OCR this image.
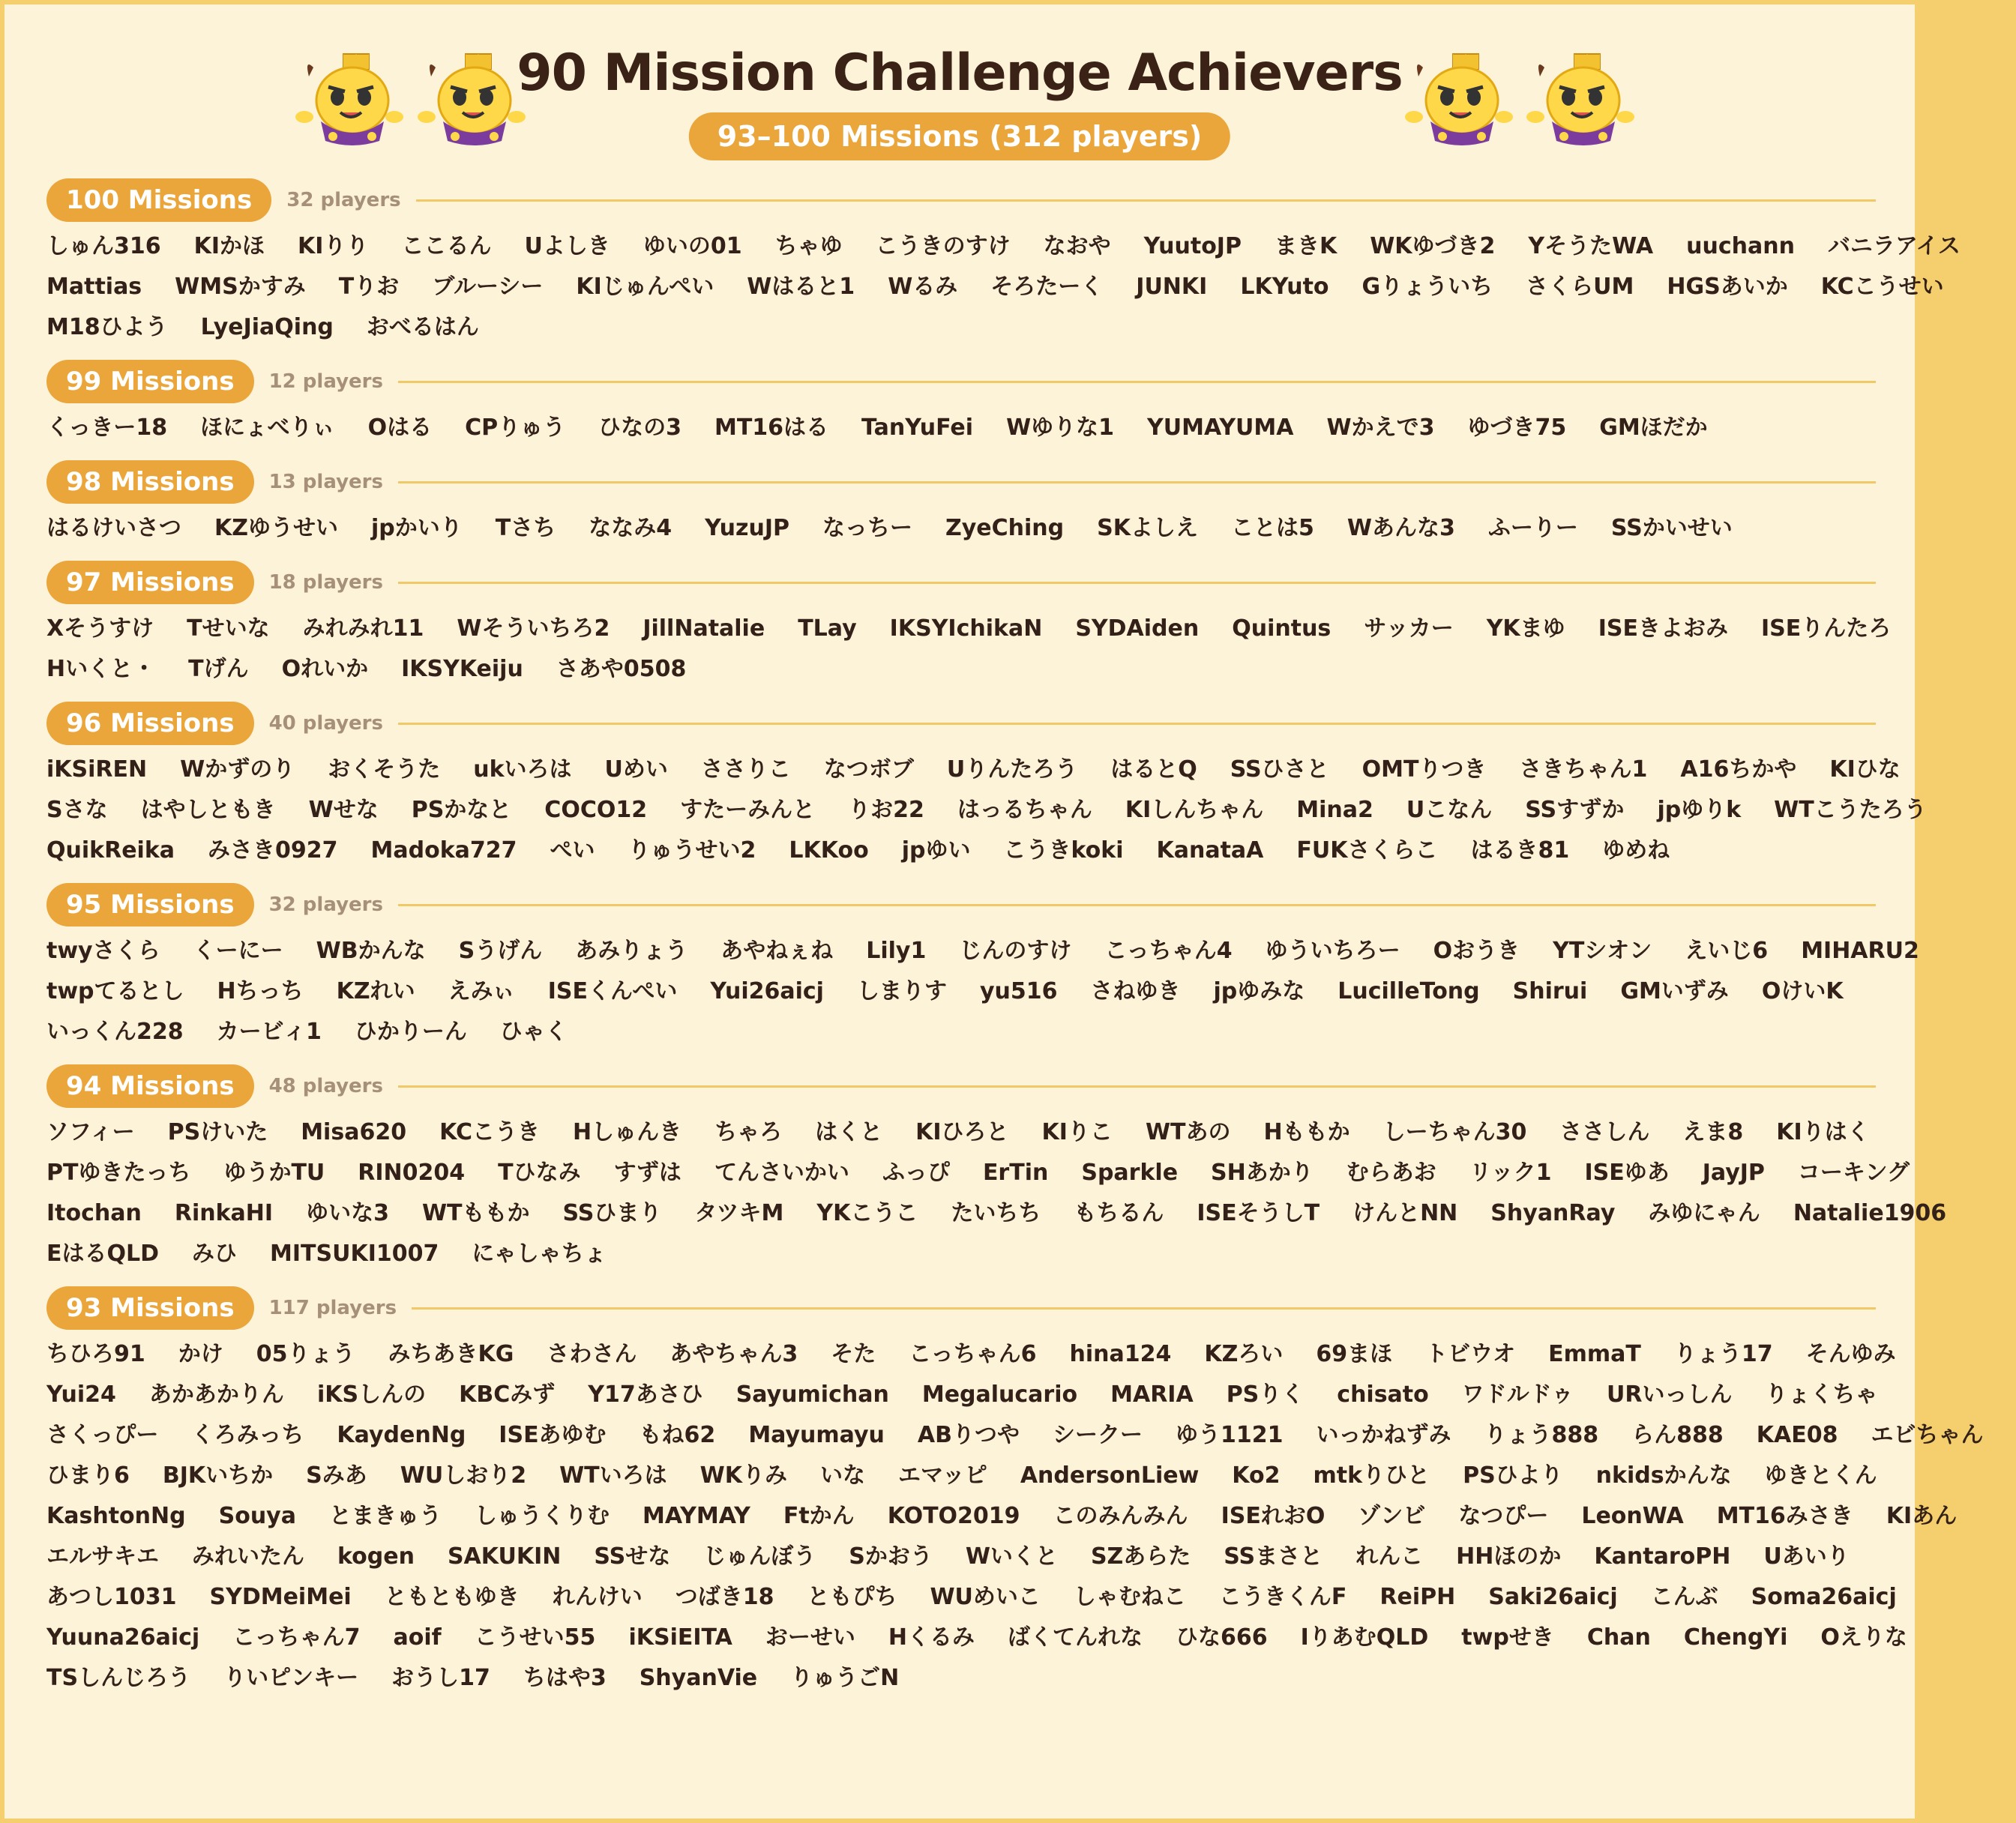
90 Mission Challenge Achievers
93–100 Missions (312 players)
100 Missions	32 players
しゅん316 KIかほ KIりり ここるん Uよしき ゆいの01 ちゃゆ こうきのすけ なおや YuutoJP まきK WKゆづき2 YそうたWA uuchann バニラアイス
Mattias WMSかすみ Tりお ブルーシー KIじゅんぺい Wはると1 Wるみ そろたーく JUNKI LKYuto Gりょういち さくらUM HGSあいか KCこうせい
M18ひよう LyeJiaQing おべるはん
99 Missions	12 players
くっきー18 ほにょべりぃ Oはる CPりゅう ひなの3 MT16はる TanYuFei Wゆりな1 YUMAYUMA Wかえで3 ゆづき75 GMほだか
98 Missions	13 players
はるけいさつ KZゆうせい jpかいり Tさち ななみ4 YuzuJP なっちー ZyeChing SKよしえ ことは5 Wあんな3 ふーりー SSかいせい
97 Missions	18 players
Xそうすけ Tせいな みれみれ11 Wそういちろ2 JillNatalie TLay IKSYIchikaN SYDAiden Quintus サッカー YKまゆ ISEきよおみ ISEりんたろ
Hいくと・ Tげん Oれいか IKSYKeiju さあや0508
96 Missions	40 players
iKSiREN Wかずのり おくそうた ukいろは Uめい ささりこ なつボブ Uりんたろう はるとQ SSひさと OMTりつき さきちゃん1 A16ちかや KIひな
Sさな はやしともき Wせな PSかなと COCO12 すたーみんと りお22 はっるちゃん KIしんちゃん Mina2 Uこなん SSすずか jpゆりk WTこうたろう
QuikReika みさき0927 Madoka727 ぺい りゅうせい2 LKKoo jpゆい こうきkoki KanataA FUKさくらこ はるき81 ゆめね
95 Missions	32 players
twyさくら くーにー WBかんな Sうげん あみりょう あやねぇね Lily1 じんのすけ こっちゃん4 ゆういちろー Oおうき YTシオン えいじ6 MIHARU2
twpてるとし Hちっち KZれい えみぃ ISEくんぺい Yui26aicj しまりす yu516 さねゆき jpゆみな LucilleTong Shirui GMいずみ OけいK
いっくん228 カービィ1 ひかりーん ひゃく
94 Missions	48 players
ソフィー PSけいた Misa620 KCこうき Hしゅんき ちゃろ はくと KIひろと KIりこ WTあの Hももか しーちゃん30 ささしん えま8 KIりはく
PTゆきたっち ゆうかTU RIN0204 Tひなみ すずは てんさいかい ふっぴ ErTin Sparkle SHあかり むらあお リック1 ISEゆあ JayJP コーキング
Itochan RinkaHI ゆいな3 WTももか SSひまり タツキM YKこうこ たいちち もちるん ISEそうしT けんとNN ShyanRay みゆにゃん Natalie1906
EはるQLD みひ MITSUKI1007 にゃしゃちょ
93 Missions	117 players
ちひろ91 かけ 05りょう みちあきKG さわさん あやちゃん3 そた こっちゃん6 hina124 KZろい 69まほ トビウオ EmmaT りょう17 そんゆみ
Yui24 あかあかりん iKSしんの KBCみず Y17あさひ Sayumichan Megalucario MARIA PSりく chisato ワドルドゥ URいっしん りょくちゃ
さくっぴー くろみっち KaydenNg ISEあゆむ もね62 Mayumayu ABりつや シークー ゆう1121 いっかねずみ りょう888 らん888 KAE08 エビちゃん
ひまり6 BJKいちか Sみあ WUしおり2 WTいろは WKりみ いな エマッピ AndersonLiew Ko2 mtkりひと PSひより nkidsかんな ゆきとくん
KashtonNg Souya とまきゅう しゅうくりむ MAYMAY Ftかん KOTO2019 このみんみん ISEれおO ゾンビ なつぴー LeonWA MT16みさき KIあん
エルサキエ みれいたん kogen SAKUKIN SSせな じゅんぼう Sかおう Wいくと SZあらた SSまさと れんこ HHほのか KantaroPH Uあいり
あつし1031 SYDMeiMei ともともゆき れんけい つばき18 ともぴち WUめいこ しゃむねこ こうきくんF ReiPH Saki26aicj こんぶ Soma26aicj
Yuuna26aicj こっちゃん7 aoif こうせい55 iKSiEITA おーせい Hくるみ ばくてんれな ひな666 IりあむQLD twpせき Chan ChengYi Oえりな
TSしんじろう りいピンキー おうし17 ちはや3 ShyanVie りゅうごN
